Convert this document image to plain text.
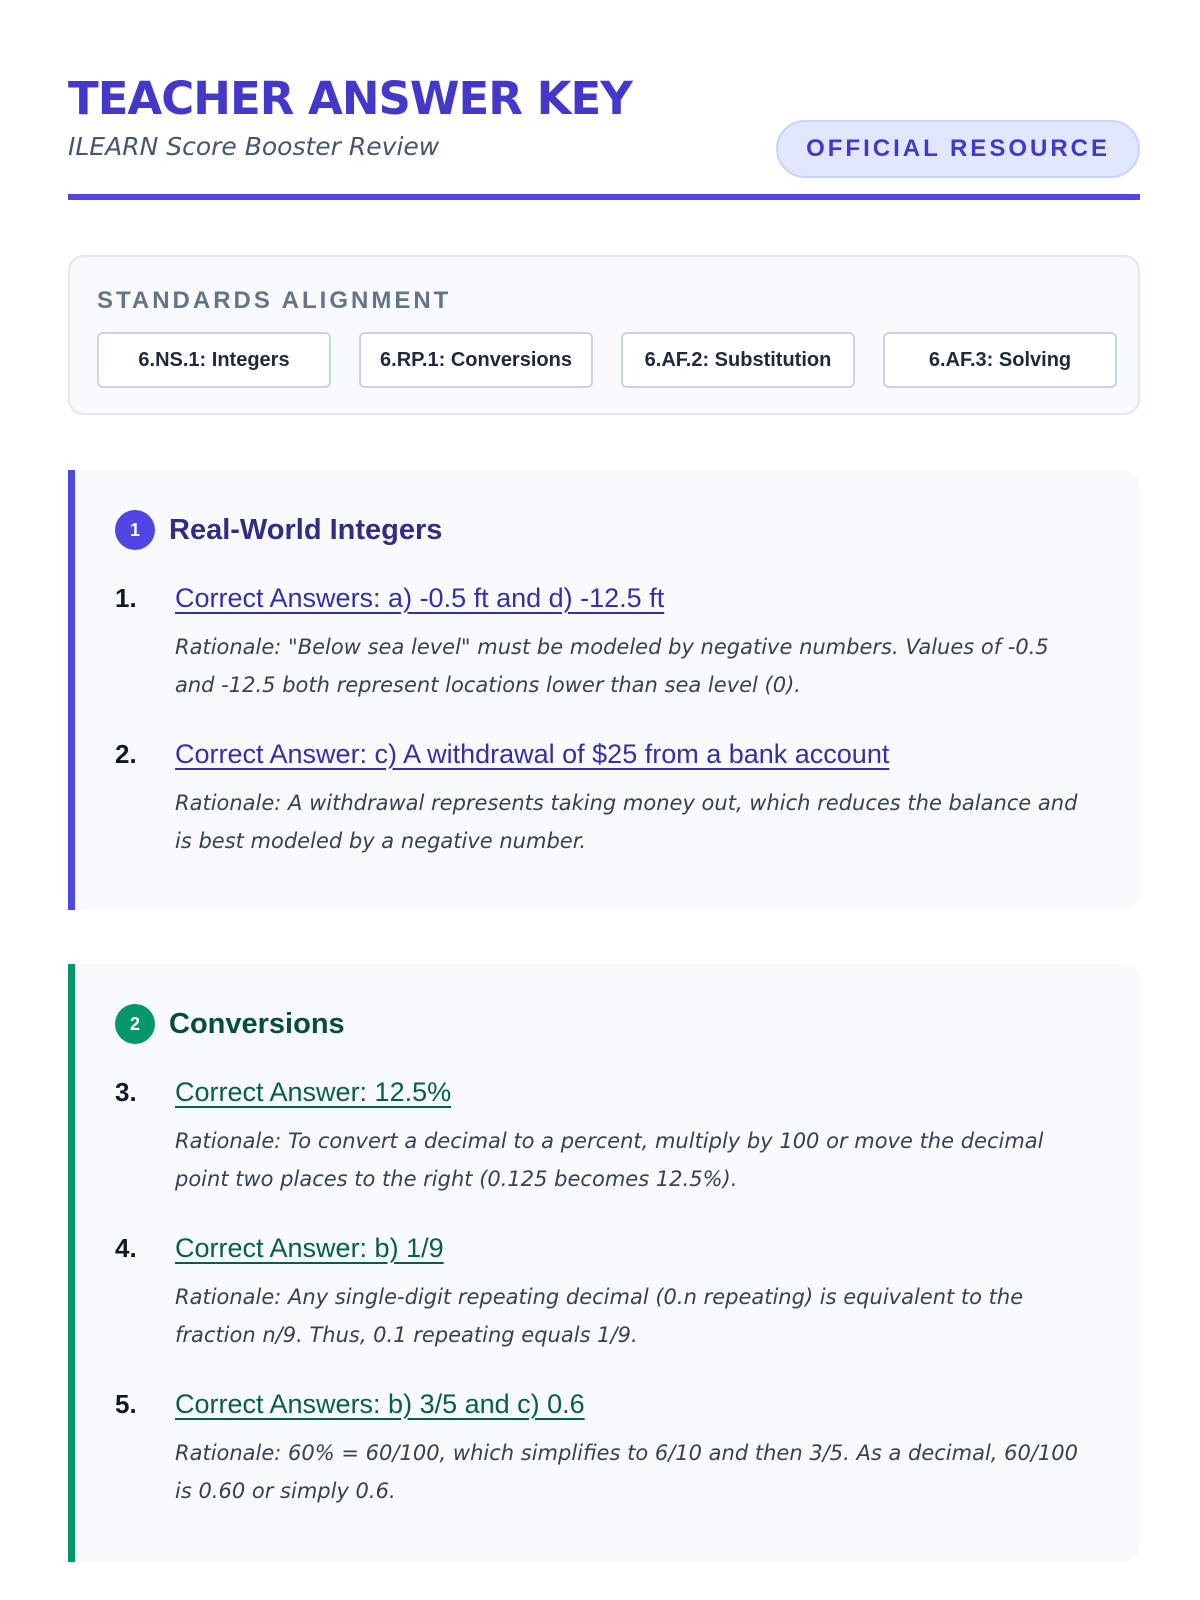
TEACHER ANSWER KEY
ILEARN Score Booster Review	OFFICIAL RESOURCE
STANDARDS ALIGNMENT
6.NS.1: Integers	6.RP.1: Conversions	6.AF.2: Substitution	6.AF.3: Solving
1	Real-World Integers
1. Correct Answers: a) -0.5 ft and d) -12.5 ft
Rationale: "Below sea level" must be modeled by negative numbers. Values of -0.5 and -12.5 both represent locations lower than sea level (0).
2. Correct Answer: c) A withdrawal of $25 from a bank account
Rationale: A withdrawal represents taking money out, which reduces the balance and is best modeled by a negative number.
2	Conversions
3. Correct Answer: 12.5%
Rationale: To convert a decimal to a percent, multiply by 100 or move the decimal point two places to the right (0.125 becomes 12.5%).
4. Correct Answer: b) 1/9
Rationale: Any single-digit repeating decimal (0.n repeating) is equivalent to the fraction n/9. Thus, 0.1 repeating equals 1/9.
5. Correct Answers: b) 3/5 and c) 0.6
Rationale: 60% = 60/100, which simplifies to 6/10 and then 3/5. As a decimal, 60/100 is 0.60 or simply 0.6.
